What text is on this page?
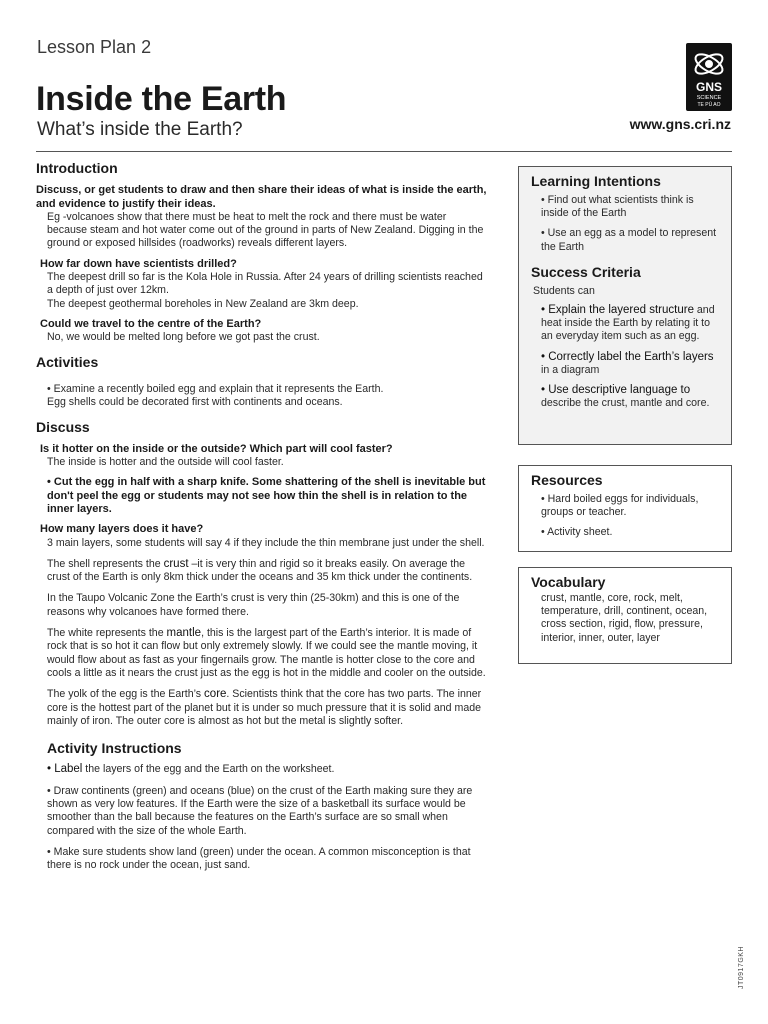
Lesson Plan 2
Inside the Earth
What’s inside the Earth?	www.gns.cri.nz
GNS
SCIENCE
TE PŪ AO
Introduction
Discuss, or get students to draw and then share their ideas of what is inside the earth, and evidence to justify their ideas.
Eg -volcanoes show that there must be heat to melt the rock and there must be water because steam and hot water come out of the ground in parts of New Zealand. Digging in the ground or exposed hillsides (roadworks) reveals different layers.
How far down have scientists drilled?
The deepest drill so far is the Kola Hole in Russia. After 24 years of drilling scientists reached a depth of just over 12km.
The deepest geothermal boreholes in New Zealand are 3km deep.
Could we travel to the centre of the Earth?
No, we would be melted long before we got past the crust.
Activities
• Examine a recently boiled egg and explain that it represents the Earth.
Egg shells could be decorated first with continents and oceans.
Discuss
Is it hotter on the inside or the outside? Which part will cool faster?
The inside is hotter and the outside will cool faster.
• Cut the egg in half with a sharp knife. Some shattering of the shell is inevitable but don't peel the egg or students may not see how thin the shell is in relation to the inner layers.
How many layers does it have?
3 main layers, some students will say 4 if they include the thin membrane just under the shell.
The shell represents the crust –it is very thin and rigid so it breaks easily. On average the crust of the Earth is only 8km thick under the oceans and 35 km thick under the continents.
In the Taupo Volcanic Zone the Earth’s crust is very thin (25-30km) and this is one of the reasons why volcanoes have formed there.
The white represents the mantle, this is the largest part of the Earth’s interior. It is made of rock that is so hot it can flow but only extremely slowly. If we could see the mantle moving, it would flow about as fast as your fingernails grow. The mantle is hotter close to the core and cools a little as it nears the crust just as the egg is hot in the middle and cooler on the outside.
The yolk of the egg is the Earth’s core. Scientists think that the core has two parts. The inner core is the hottest part of the planet but it is under so much pressure that it is solid and made mainly of iron. The outer core is almost as hot but the metal is slightly softer.
Activity Instructions
• Label the layers of the egg and the Earth on the worksheet.
• Draw continents (green) and oceans (blue) on the crust of the Earth making sure they are shown as very low features. If the Earth were the size of a basketball its surface would be smoother than the ball because the features on the Earth’s surface are so small when compared with the size of the whole Earth.
• Make sure students show land (green) under the ocean. A common misconception is that there is no rock under the ocean, just sand.
Learning Intentions
• Find out what scientists think is inside of the Earth
• Use an egg as a model to represent the Earth
Success Criteria
Students can
• Explain the layered structure and heat inside the Earth by relating it to an everyday item such as an egg.
• Correctly label the Earth’s layers in a diagram
• Use descriptive language to describe the crust, mantle and core.
Resources
• Hard boiled eggs for individuals, groups or teacher.
• Activity sheet.
Vocabulary
crust, mantle, core, rock, melt, temperature, drill, continent, ocean, cross section, rigid, flow, pressure, interior, inner, outer, layer
JT0917GKH
